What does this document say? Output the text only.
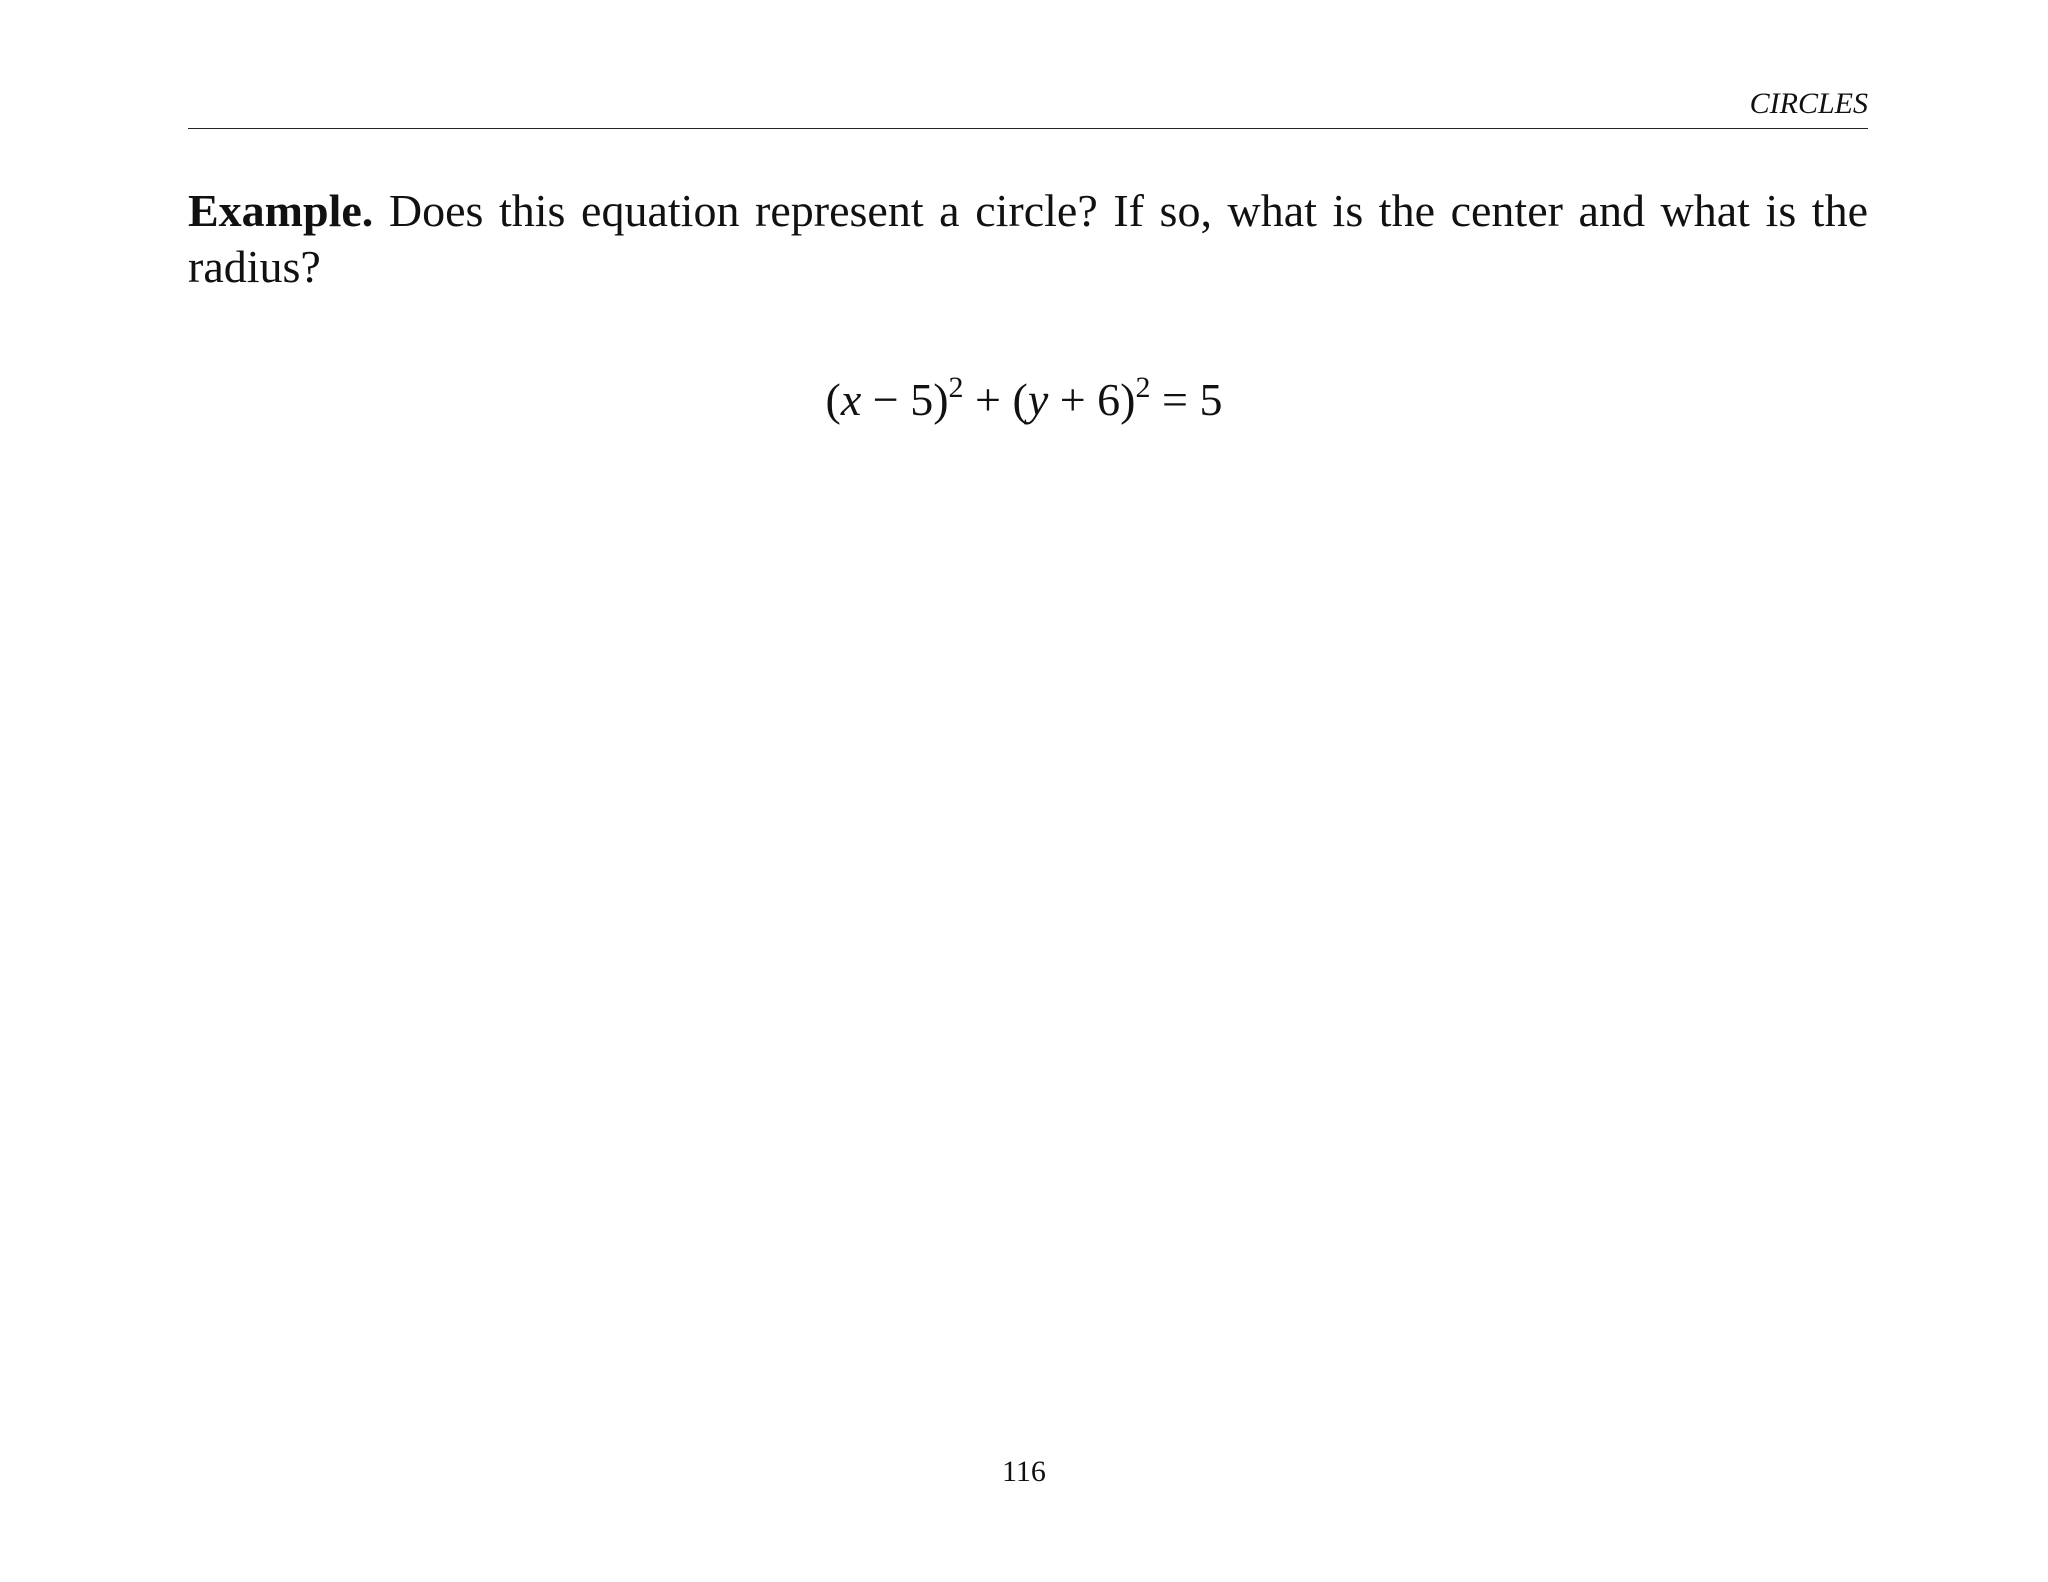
CIRCLES

Example. Does this equation represent a circle? If so, what is the center and what is the radius?

$(x - 5)^2 + (y + 6)^2 = 5$
116
